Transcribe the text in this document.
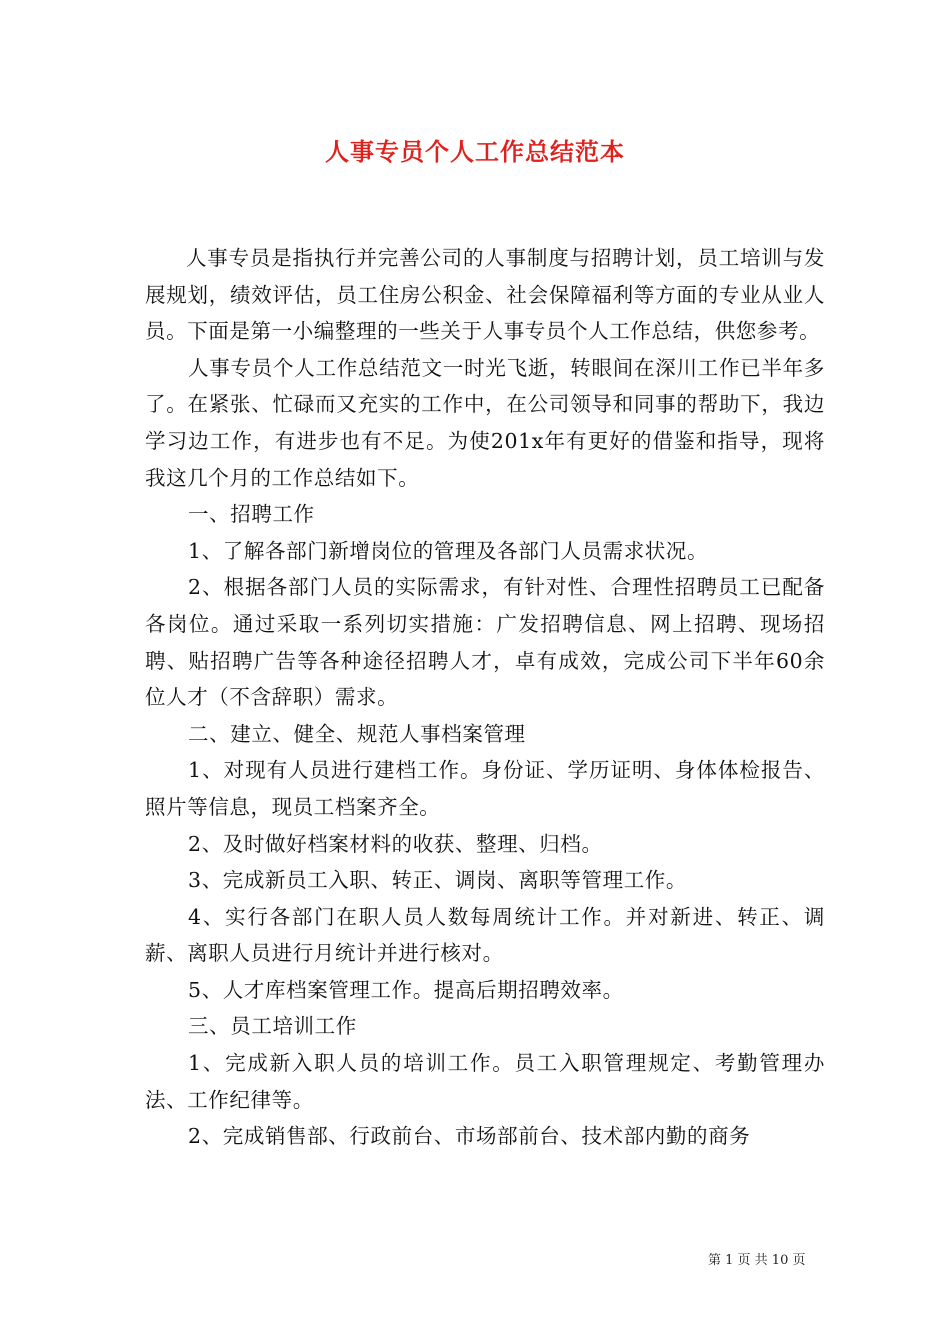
人事专员个人工作总结范本

人事专员是指执行并完善公司的人事制度与招聘计划，员工培训与发展规划，绩效评估，员工住房公积金、社会保障福利等方面的专业从业人员。下面是第一小编整理的一些关于人事专员个人工作总结，供您参考。

人事专员个人工作总结范文一时光飞逝，转眼间在深川工作已半年多了。在紧张、忙碌而又充实的工作中，在公司领导和同事的帮助下，我边学习边工作，有进步也有不足。为使201x年有更好的借鉴和指导，现将我这几个月的工作总结如下。

一、招聘工作

1、了解各部门新增岗位的管理及各部门人员需求状况。

2、根据各部门人员的实际需求，有针对性、合理性招聘员工已配备各岗位。通过采取一系列切实措施：广发招聘信息、网上招聘、现场招聘、贴招聘广告等各种途径招聘人才，卓有成效，完成公司下半年60余位人才（不含辞职）需求。

二、建立、健全、规范人事档案管理

1、对现有人员进行建档工作。身份证、学历证明、身体体检报告、照片等信息，现员工档案齐全。

2、及时做好档案材料的收获、整理、归档。

3、完成新员工入职、转正、调岗、离职等管理工作。

4、实行各部门在职人员人数每周统计工作。并对新进、转正、调薪、离职人员进行月统计并进行核对。

5、人才库档案管理工作。提高后期招聘效率。

三、员工培训工作

1、完成新入职人员的培训工作。员工入职管理规定、考勤管理办法、工作纪律等。

2、完成销售部、行政前台、市场部前台、技术部内勤的商务

第 1 页 共 10 页
